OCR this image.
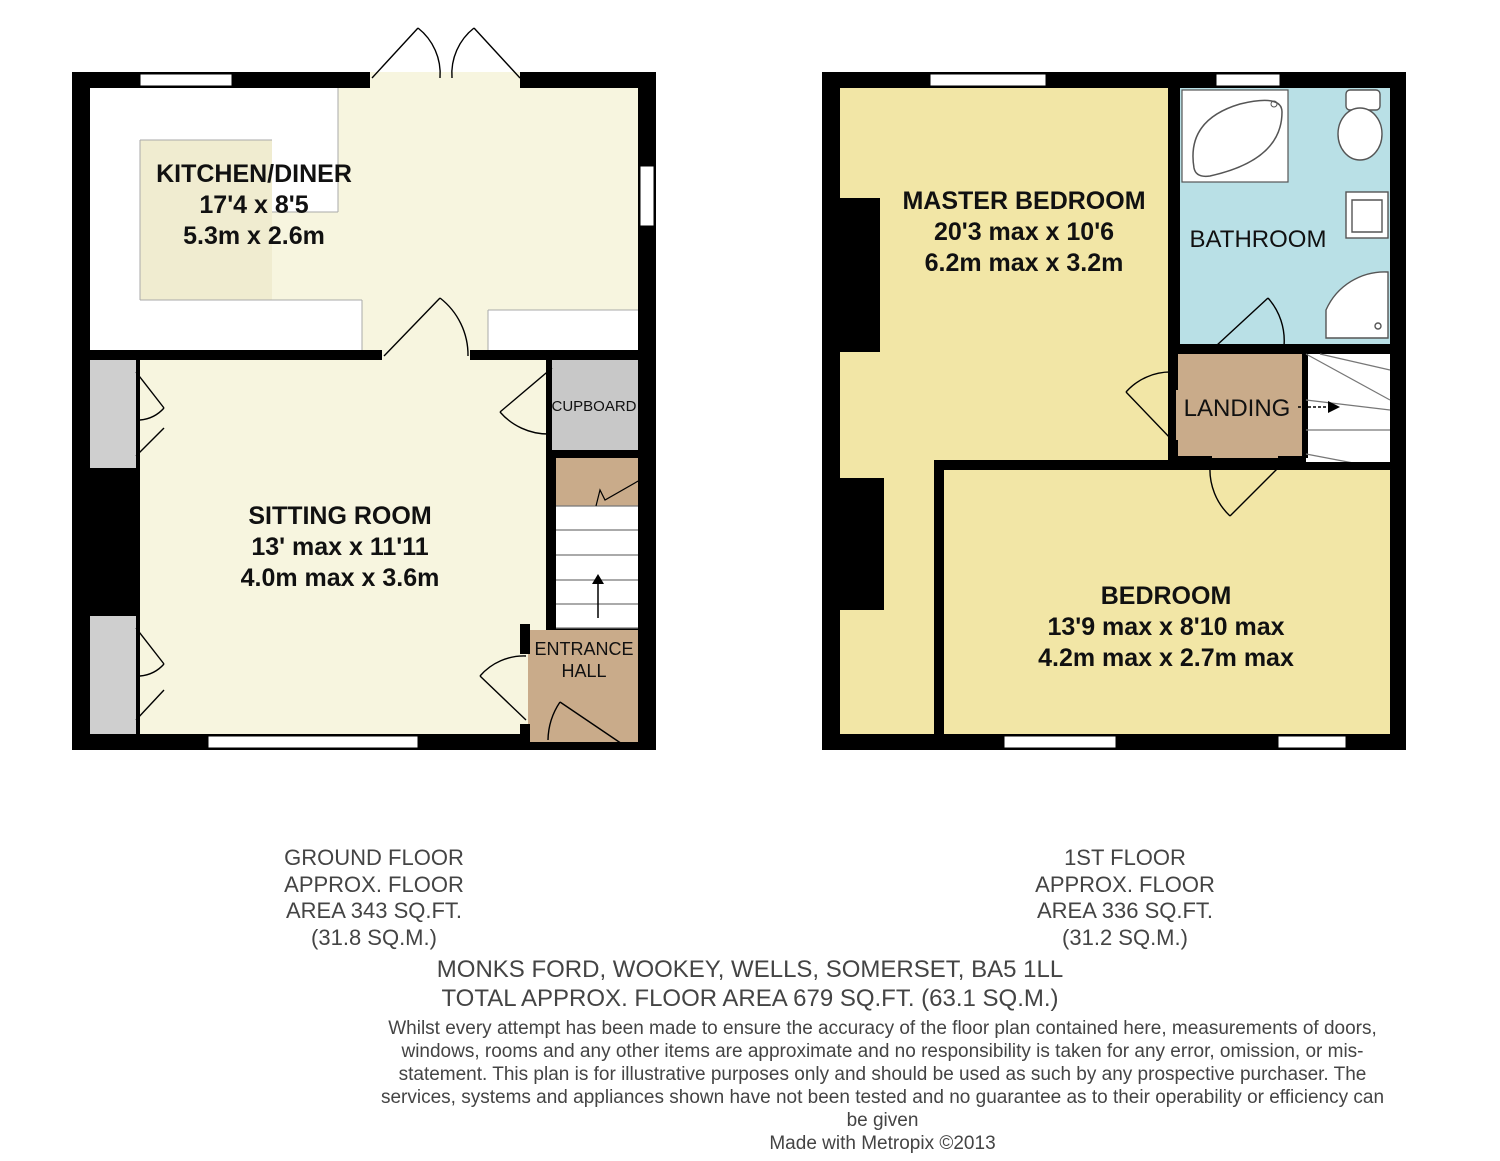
KITCHEN/DINER
17'4 x 8'5
5.3m x 2.6m
SITTING ROOM
13' max x 11'11
4.0m max x 3.6m
CUPBOARD
ENTRANCE
HALL
MASTER BEDROOM
20'3 max x 10'6
6.2m max x 3.2m
BATHROOM
LANDING
BEDROOM
13'9 max x 8'10 max
4.2m max x 2.7m max
GROUND FLOOR
APPROX. FLOOR
AREA 343 SQ.FT.
(31.8 SQ.M.)
1ST FLOOR
APPROX. FLOOR
AREA 336 SQ.FT.
(31.2 SQ.M.)
MONKS FORD, WOOKEY, WELLS, SOMERSET, BA5 1LL
TOTAL APPROX. FLOOR AREA 679 SQ.FT. (63.1 SQ.M.)
Whilst every attempt has been made to ensure the accuracy of the floor plan contained here, measurements of doors, windows, rooms and any other items are approximate and no responsibility is taken for any error, omission, or mis-statement. This plan is for illustrative purposes only and should be used as such by any prospective purchaser. The services, systems and appliances shown have not been tested and no guarantee as to their operability or efficiency can be given
Made with Metropix ©2013
